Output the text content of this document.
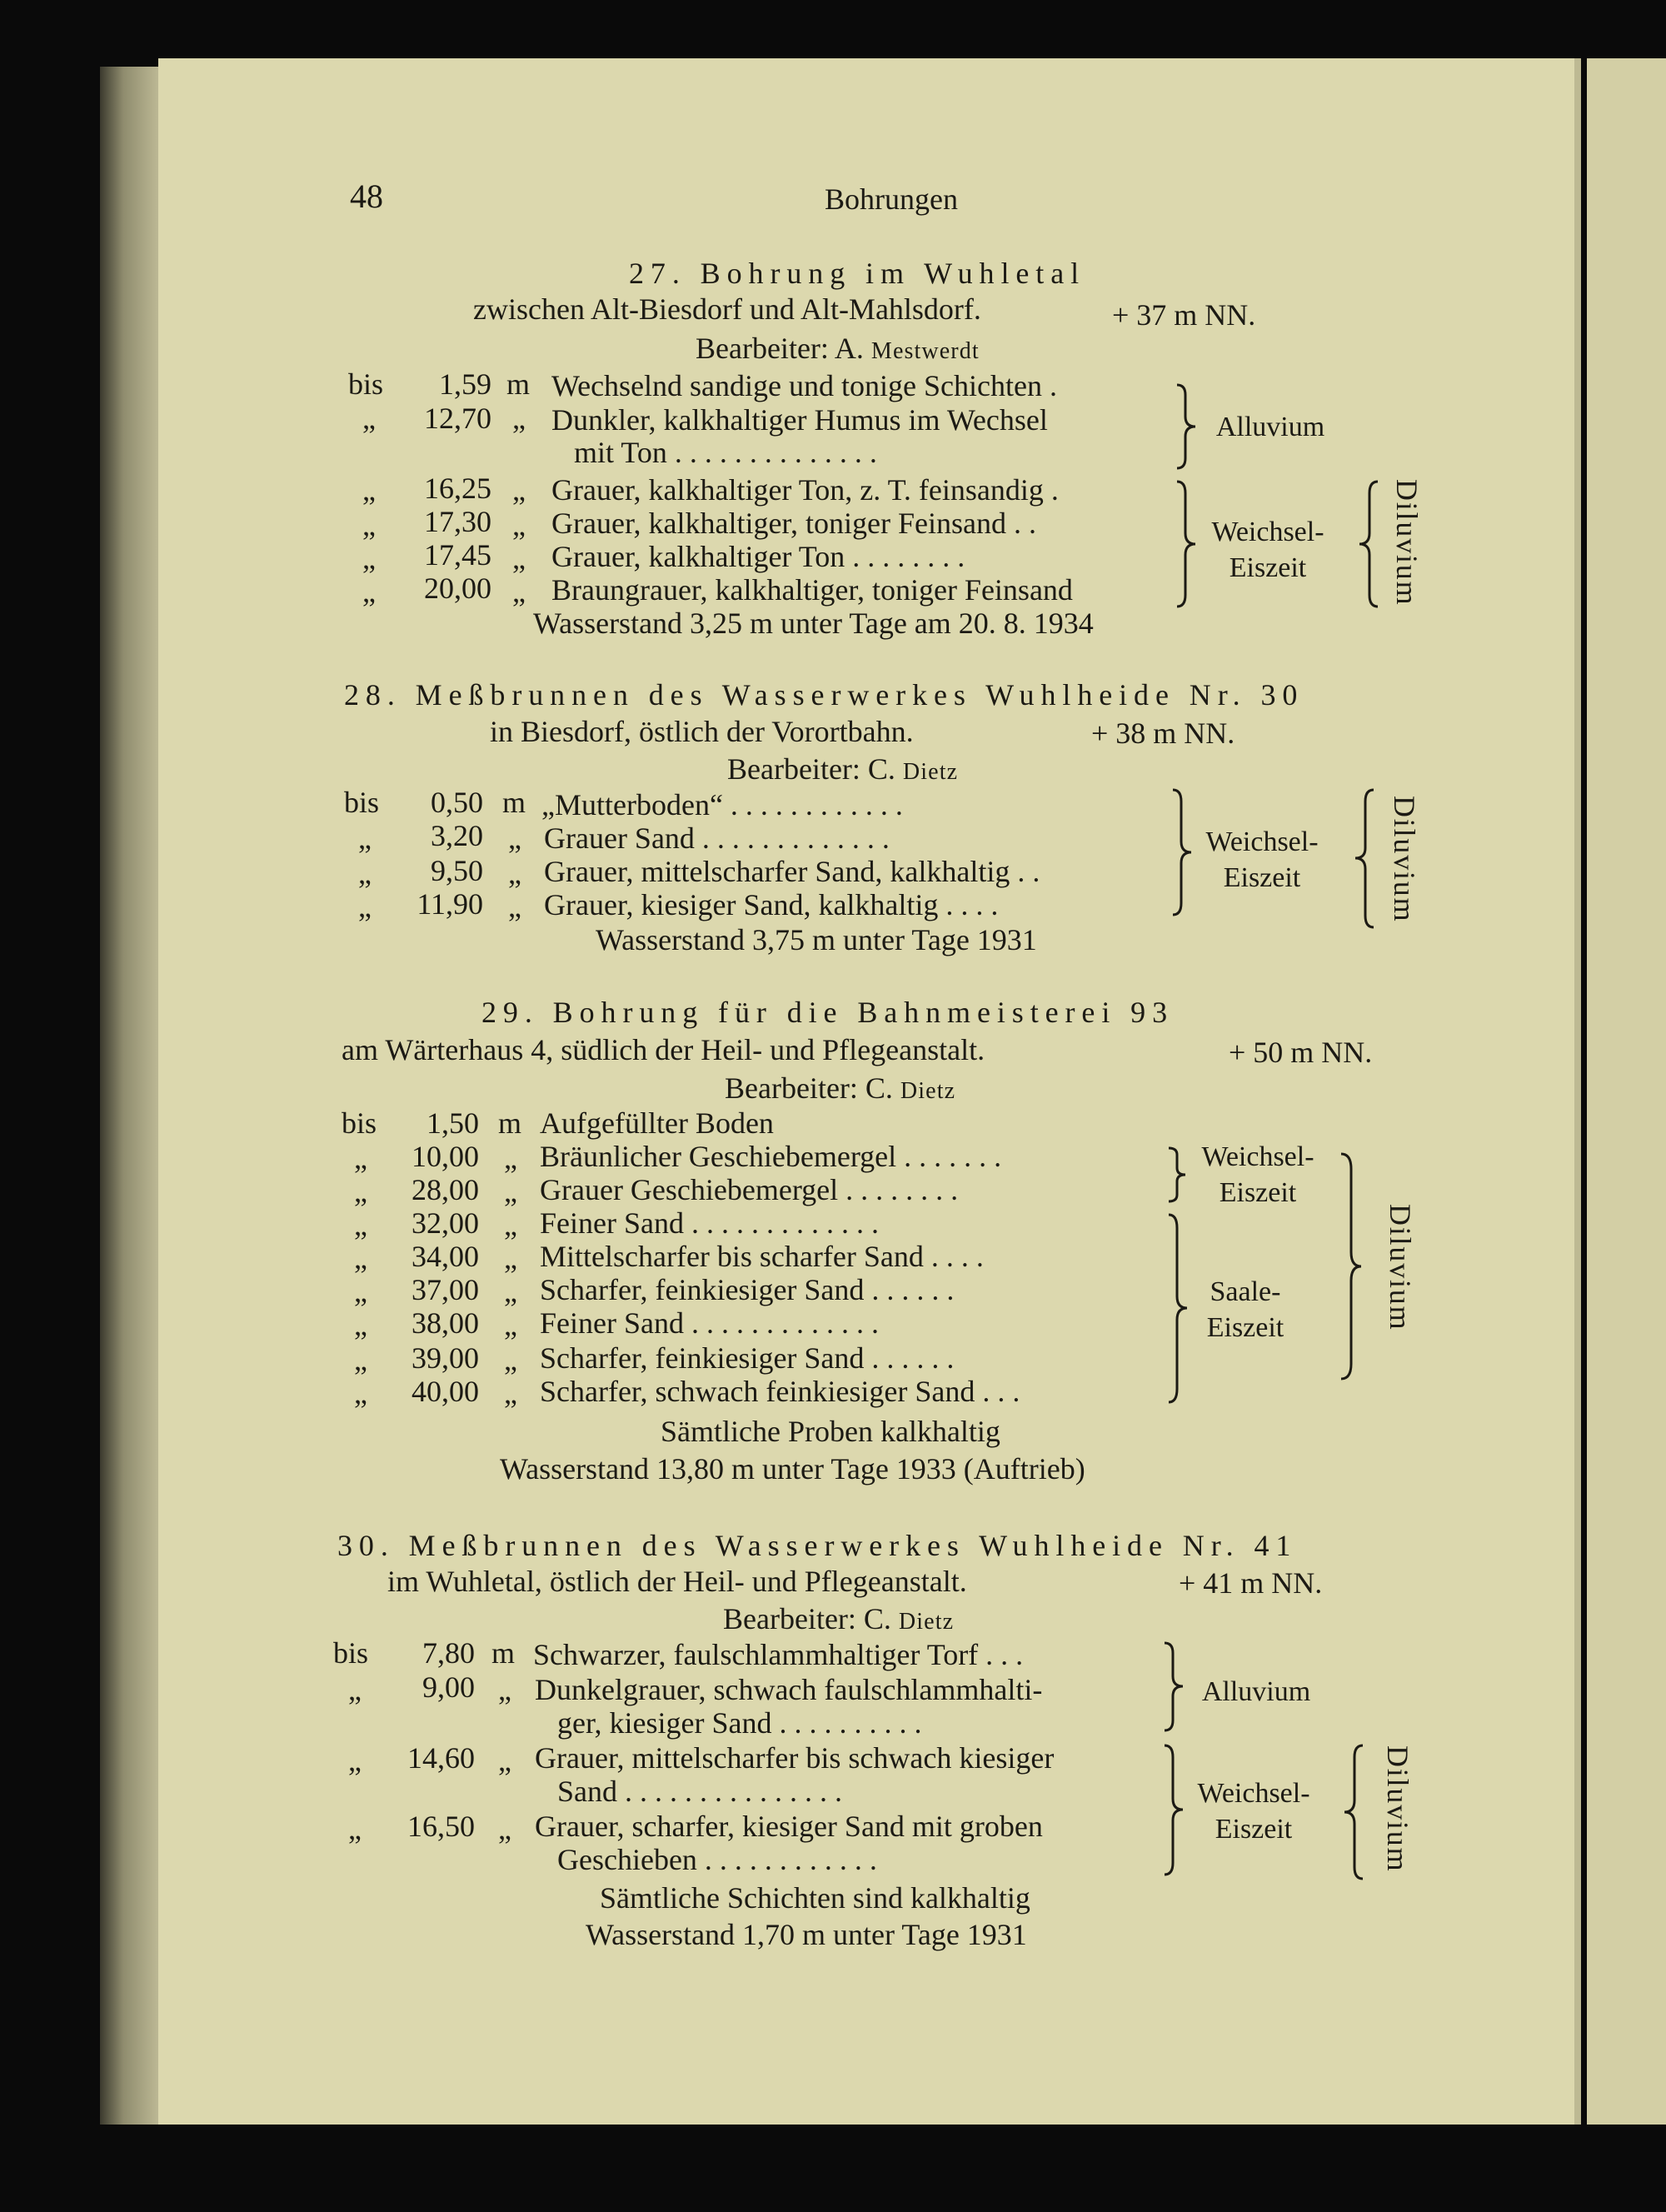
48	Bohrungen
27. Bohrung im Wuhletal
zwischen Alt-Biesdorf und Alt-Mahlsdorf.	+ 37 m NN.
Bearbeiter: A. Mestwerdt
bis	1,59 m Wechselnd sandige und tonige Schichten .
„	12,70 „ Dunkler, kalkhaltiger Humus im Wechsel
mit Ton . . . . . . . . . . . . . .
„	16,25 „ Grauer, kalkhaltiger Ton, z. T. feinsandig .
„	17,30 „ Grauer, kalkhaltiger, toniger Feinsand . .
„	17,45 „ Grauer, kalkhaltiger Ton . . . . . . . .
„	20,00 „ Braungrauer, kalkhaltiger, toniger Feinsand
Wasserstand 3,25 m unter Tage am 20. 8. 1934
Alluvium
Weichsel-
Eiszeit	Diluvium
28. Meßbrunnen des Wasserwerkes Wuhlheide Nr. 30
in Biesdorf, östlich der Vorortbahn.	+ 38 m NN.
Bearbeiter: C. Dietz
bis	0,50 m „Mutterboden“ . . . . . . . . . . . .
„	3,20 „ Grauer Sand . . . . . . . . . . . . .
„	9,50 „ Grauer, mittelscharfer Sand, kalkhaltig . .
„	11,90 „ Grauer, kiesiger Sand, kalkhaltig . . . .
Wasserstand 3,75 m unter Tage 1931
Weichsel-
Eiszeit	Diluvium
29. Bohrung für die Bahnmeisterei 93
am Wärterhaus 4, südlich der Heil- und Pflegeanstalt.	+ 50 m NN.
Bearbeiter: C. Dietz
bis	1,50 m Aufgefüllter Boden
„	10,00 „ Bräunlicher Geschiebemergel . . . . . . .
„	28,00 „ Grauer Geschiebemergel . . . . . . . .
„	32,00 „ Feiner Sand . . . . . . . . . . . . .
„	34,00 „ Mittelscharfer bis scharfer Sand . . . .
„	37,00 „ Scharfer, feinkiesiger Sand . . . . . .
„	38,00 „ Feiner Sand . . . . . . . . . . . . .
„	39,00 „ Scharfer, feinkiesiger Sand . . . . . .
„	40,00 „ Scharfer, schwach feinkiesiger Sand . . .
Sämtliche Proben kalkhaltig
Wasserstand 13,80 m unter Tage 1933 (Auftrieb)
Weichsel-
Eiszeit
Saale-
Eiszeit	Diluvium
30. Meßbrunnen des Wasserwerkes Wuhlheide Nr. 41
im Wuhletal, östlich der Heil- und Pflegeanstalt.	+ 41 m NN.
Bearbeiter: C. Dietz
bis	7,80 m Schwarzer, faulschlammhaltiger Torf . . .
„	9,00 „ Dunkelgrauer, schwach faulschlammhalti-
ger, kiesiger Sand . . . . . . . . . .
„	14,60 „ Grauer, mittelscharfer bis schwach kiesiger
Sand . . . . . . . . . . . . . . .
„	16,50 „ Grauer, scharfer, kiesiger Sand mit groben
Geschieben . . . . . . . . . . . .
Sämtliche Schichten sind kalkhaltig
Wasserstand 1,70 m unter Tage 1931
Alluvium
Weichsel-
Eiszeit	Diluvium
